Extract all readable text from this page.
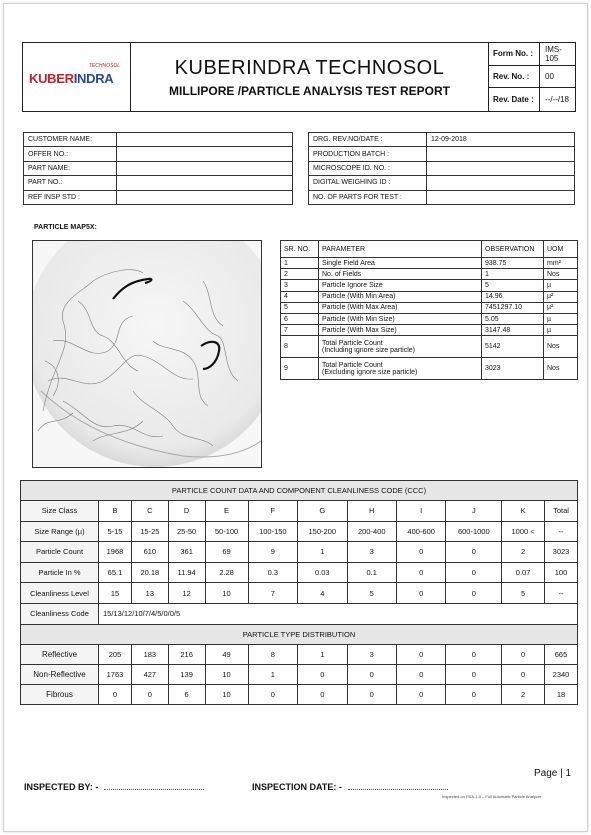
TECHNOSOL
KUBERINDRA	KUBERINDRA TECHNOSOL
MILLIPORE /PARTICLE ANALYSIS TEST REPORT
Form No. :	IMS-105
Rev. No. :	00
Rev. Date :	--/--/18
CUSTOMER NAME:	
OFFER NO.:	
PART NAME:	
PART NO.:	
REF INSP STD :	
DRG. REV.NO/DATE :	12-09-2018
PRODUCTION BATCH :	
MICROSCOPE ID. NO. :	
DIGITAL WEIGHING ID :	
NO. OF PARTS FOR TEST :	
PARTICLE MAP5X:
SR. NO.	PARAMETER	OBSERVATION	UOM
1	Single Field Area	938.75	mm²
2	No. of Fields	1	Nos
3	Particle Ignore Size	5	µ
4	Particle (With Min Area)	14.96	µ²
5	Particle (With Max Area)	7451297.10	µ²
6	Particle (With Min Size)	5.05	µ
7	Particle (With Max Size)	3147.48	µ
8	Total Particle Count
(Including ignore size particle)	5142	Nos
9	Total Particle Count
(Excluding ignore size particle)	3023	Nos
PARTICLE COUNT DATA AND COMPONENT CLEANLINESS CODE (CCC)											
Size Class	B	C	D	E	F	G	H	I	J	K	Total
Size Range (µ)	5-15	15-25	25-50	50-100	100-150	150-200	200-400	400-600	600-1000	1000 <	--
Particle Count	1968	610	361	69	9	1	3	0	0	2	3023
Particle In %	65.1	20.18	11.94	2.28	0.3	0.03	0.1	0	0	0.07	100
Cleanliness Level	15	13	12	10	7	4	5	0	0	5	--
Cleanliness Code	15/13/12/10/7/4/5/0/0/5										
PARTICLE TYPE DISTRIBUTION											
Reflective	205	183	216	49	8	1	3	0	0	0	665
Non-Reflective	1763	427	139	10	1	0	0	0	0	0	2340
Fibrous	0	0	6	10	0	0	0	0	0	2	18
Page | 1
INSPECTED BY: -	INSPECTION DATE: -
Inspected on PSA-1.0 – Full Automatic Particle Analyzer
